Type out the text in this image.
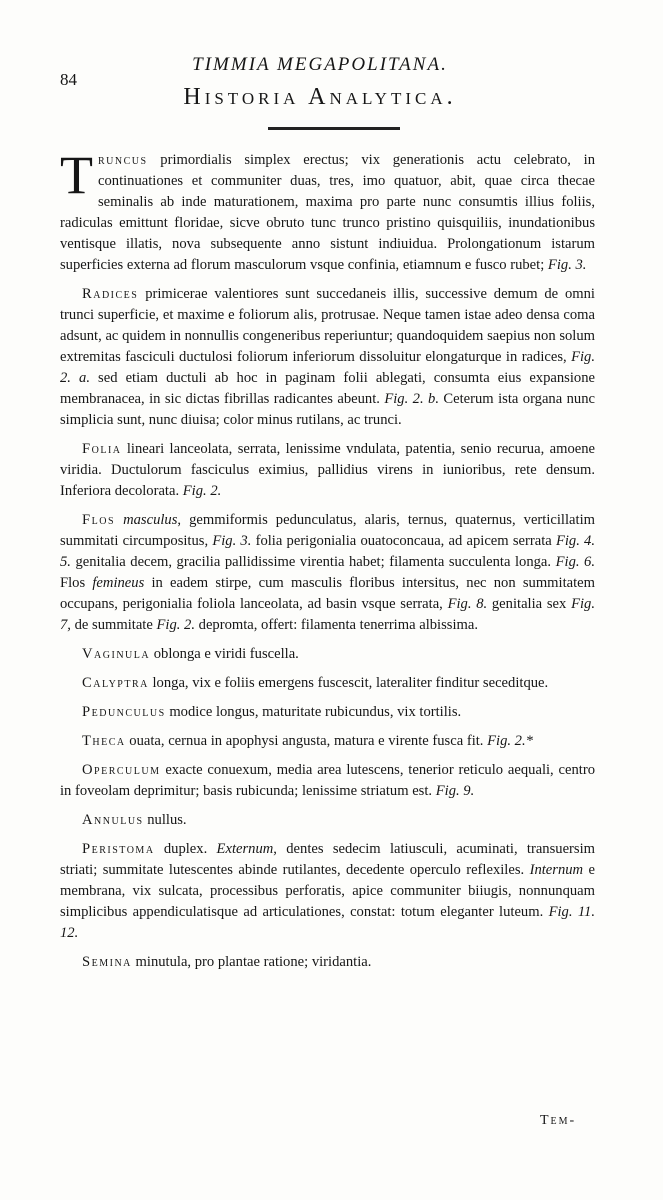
84
TIMMIA MEGAPOLITANA.
Historia Analytica.

Truncus primordialis simplex erectus; vix generationis actu celebrato, in continuationes et communiter duas, tres, imo quatuor, abit, quae circa thecae seminalis ab inde maturationem, maxima pro parte nunc consumtis illius foliis, radiculas emittunt floridae, sicve obruto tunc trunco pristino quisquiliis, inundationibus ventisque illatis, nova subsequente anno sistunt indiuidua. Prolongationum istarum superficies externa ad florum masculorum vsque confinia, etiamnum e fusco rubet; Fig. 3.

Radices primicerae valentiores sunt succedaneis illis, successive demum de omni trunci superficie, et maxime e foliorum alis, protrusae. Neque tamen istae adeo densa coma adsunt, ac quidem in nonnullis congeneribus reperiuntur; quandoquidem saepius non solum extremitas fasciculi ductulosi foliorum inferiorum dissoluitur elongaturque in radices, Fig. 2. a. sed etiam ductuli ab hoc in paginam folii ablegati, consumta eius expansione membranacea, in sic dictas fibrillas radicantes abeunt. Fig. 2. b. Ceterum ista organa nunc simplicia sunt, nunc diuisa; color minus rutilans, ac trunci.

Folia lineari lanceolata, serrata, lenissime vndulata, patentia, senio recurua, amoene viridia. Ductulorum fasciculus eximius, pallidius virens in iunioribus, rete densum. Inferiora decolorata. Fig. 2.

Flos masculus, gemmiformis pedunculatus, alaris, ternus, quaternus, verticillatim summitati circumpositus, Fig. 3. folia perigonialia ouatoconcaua, ad apicem serrata Fig. 4. 5. genitalia decem, gracilia pallidissime virentia habet; filamenta succulenta longa. Fig. 6. Flos femineus in eadem stirpe, cum masculis floribus intersitus, nec non summitatem occupans, perigonialia foliola lanceolata, ad basin vsque serrata, Fig. 8. genitalia sex Fig. 7, de summitate Fig. 2. depromta, offert: filamenta tenerrima albissima.

Vaginula oblonga e viridi fuscella.

Calyptra longa, vix e foliis emergens fuscescit, lateraliter finditur seceditque.

Pedunculus modice longus, maturitate rubicundus, vix tortilis.

Theca ouata, cernua in apophysi angusta, matura e virente fusca fit. Fig. 2.*

Operculum exacte conuexum, media area lutescens, tenerior reticulo aequali, centro in foveolam deprimitur; basis rubicunda; lenissime striatum est. Fig. 9.

Annulus nullus.

Peristoma duplex. Externum, dentes sedecim latiusculi, acuminati, transuersim striati; summitate lutescentes abinde rutilantes, decedente operculo reflexiles. Internum e membrana, vix sulcata, processibus perforatis, apice communiter biiugis, nonnunquam simplicibus appendiculatisque ad articulationes, constat: totum eleganter luteum. Fig. 11. 12.

Semina minutula, pro plantae ratione; viridantia.

Tem-
